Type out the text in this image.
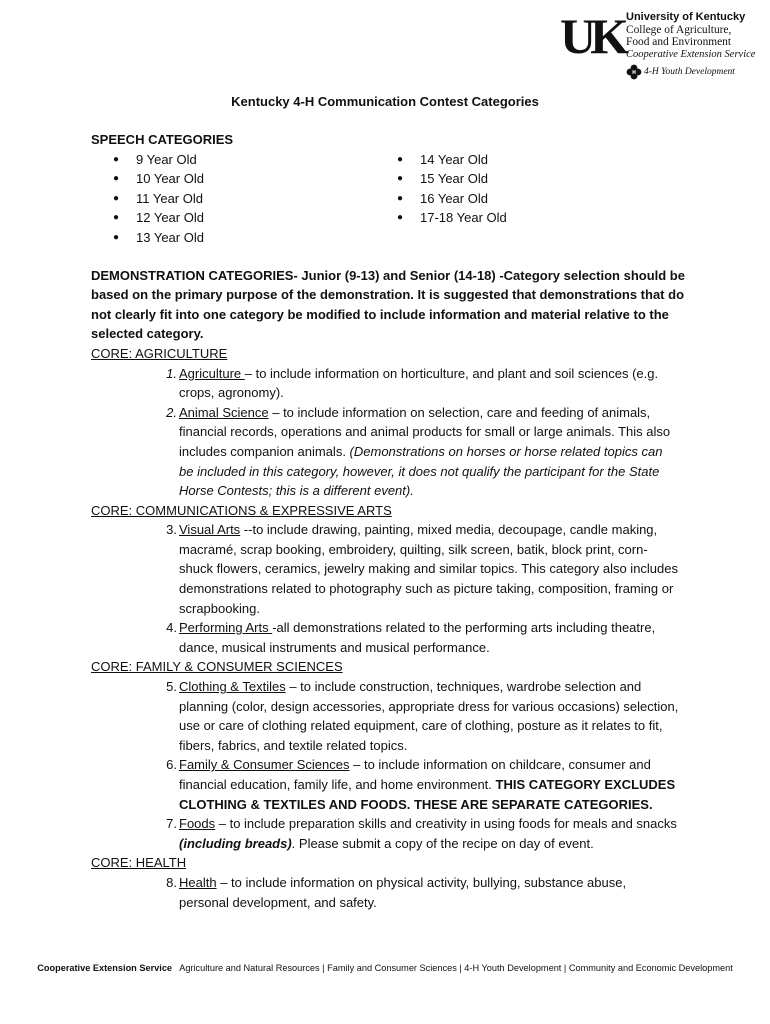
UK University of Kentucky
College of Agriculture,
Food and Environment
Cooperative Extension Service
H 4-H Youth Development
Kentucky 4-H Communication Contest Categories
SPEECH CATEGORIES
●	9 Year Old
●	10 Year Old
●	11 Year Old
●	12 Year Old
●	13 Year Old
●	14 Year Old
●	15 Year Old
●	16 Year Old
●	17-18 Year Old
DEMONSTRATION CATEGORIES- Junior (9-13) and Senior (14-18) -Category selection should be based on the primary purpose of the demonstration. It is suggested that demonstrations that do not clearly fit into one category be modified to include information and material relative to the selected category.
CORE: AGRICULTURE
1. Agriculture – to include information on horticulture, and plant and soil sciences (e.g. crops, agronomy).
2. Animal Science – to include information on selection, care and feeding of animals, financial records, operations and animal products for small or large animals. This also includes companion animals. (Demonstrations on horses or horse related topics can be included in this category, however, it does not qualify the participant for the State Horse Contests; this is a different event).
CORE: COMMUNICATIONS & EXPRESSIVE ARTS
3. Visual Arts --to include drawing, painting, mixed media, decoupage, candle making, macramé, scrap booking, embroidery, quilting, silk screen, batik, block print, corn-shuck flowers, ceramics, jewelry making and similar topics. This category also includes demonstrations related to photography such as picture taking, composition, framing or scrapbooking.
4. Performing Arts -all demonstrations related to the performing arts including theatre, dance, musical instruments and musical performance.
CORE: FAMILY & CONSUMER SCIENCES
5. Clothing & Textiles – to include construction, techniques, wardrobe selection and planning (color, design accessories, appropriate dress for various occasions) selection, use or care of clothing related equipment, care of clothing, posture as it relates to fit, fibers, fabrics, and textile related topics.
6. Family & Consumer Sciences – to include information on childcare, consumer and financial education, family life, and home environment. THIS CATEGORY EXCLUDES CLOTHING & TEXTILES AND FOODS. THESE ARE SEPARATE CATEGORIES.
7. Foods – to include preparation skills and creativity in using foods for meals and snacks (including breads). Please submit a copy of the recipe on day of event.
CORE: HEALTH
8. Health – to include information on physical activity, bullying, substance abuse, personal development, and safety.
Cooperative Extension Service   Agriculture and Natural Resources | Family and Consumer Sciences | 4-H Youth Development | Community and Economic Development
